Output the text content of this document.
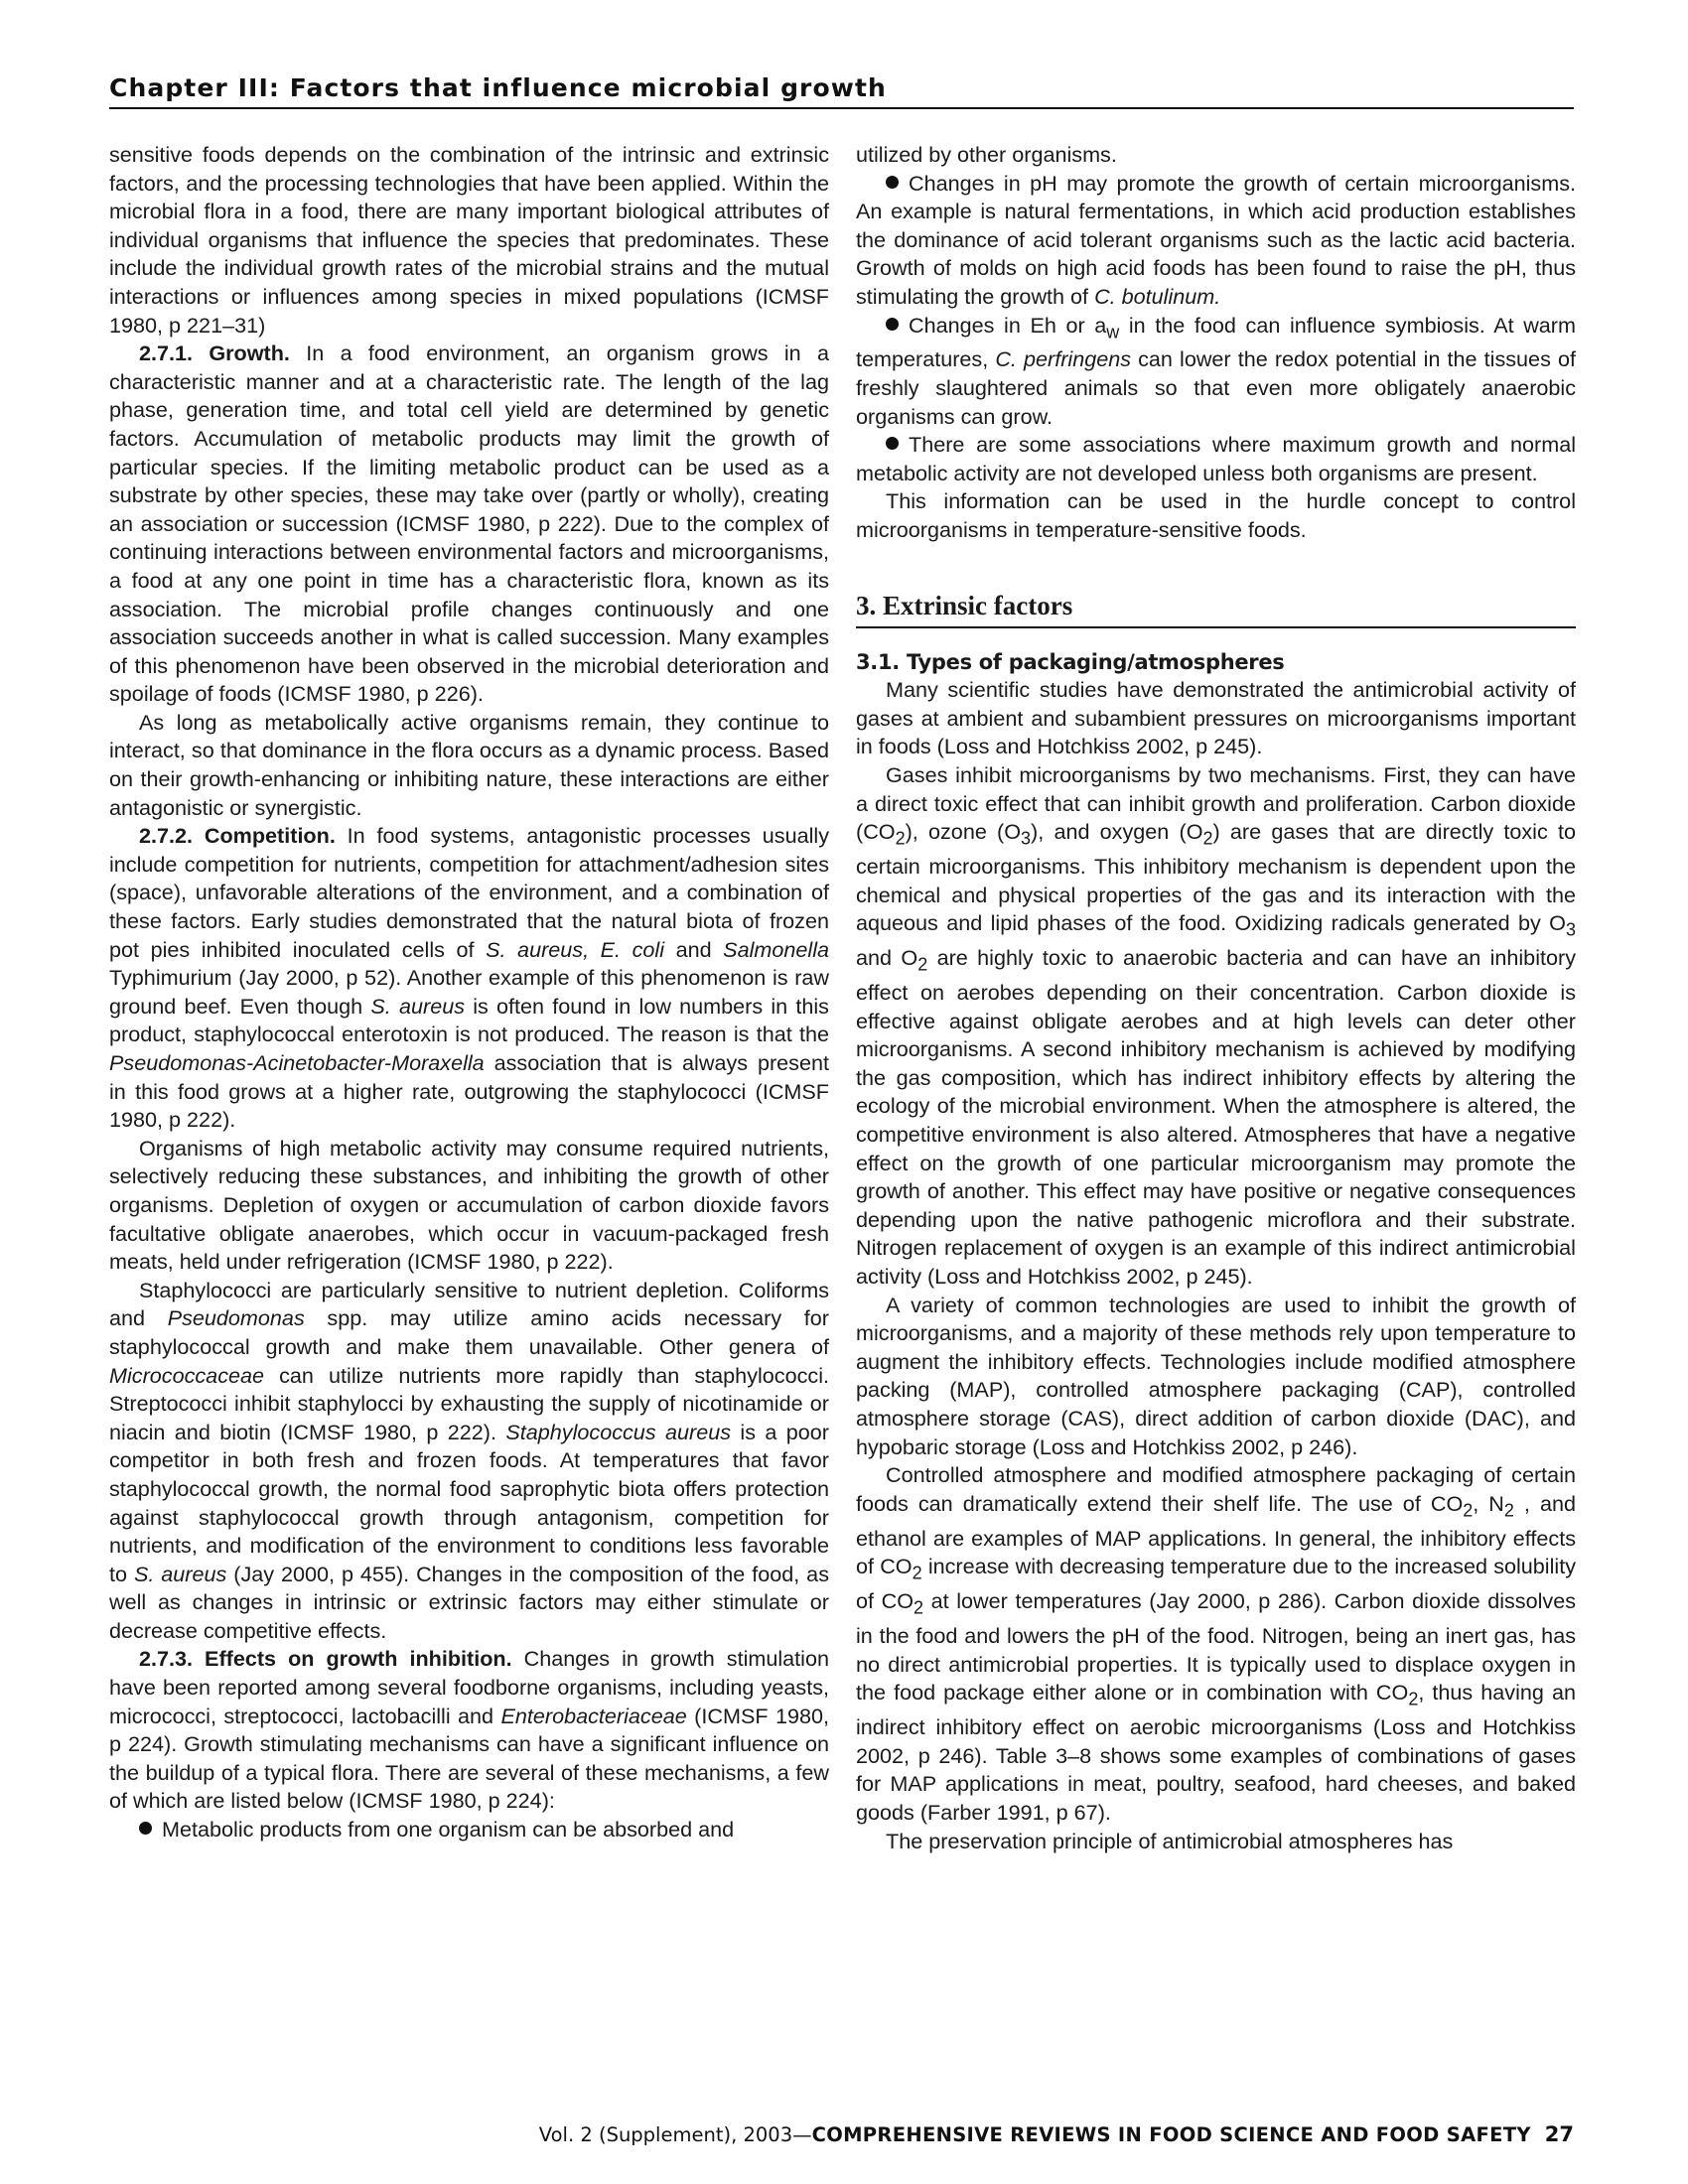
Chapter III: Factors that influence microbial growth

sensitive foods depends on the combination of the intrinsic and extrinsic factors, and the processing technologies that have been applied. Within the microbial flora in a food, there are many important biological attributes of individual organisms that influence the species that predominates. These include the individual growth rates of the microbial strains and the mutual interactions or influences among species in mixed populations (ICMSF 1980, p 221–31)

2.7.1. Growth. In a food environment, an organism grows in a characteristic manner and at a characteristic rate. The length of the lag phase, generation time, and total cell yield are determined by genetic factors. Accumulation of metabolic products may limit the growth of particular species. If the limiting metabolic product can be used as a substrate by other species, these may take over (partly or wholly), creating an association or succession (ICMSF 1980, p 222). Due to the complex of continuing interactions between environmental factors and microorganisms, a food at any one point in time has a characteristic flora, known as its association. The microbial profile changes continuously and one association succeeds another in what is called succession. Many examples of this phenomenon have been observed in the microbial deterioration and spoilage of foods (ICMSF 1980, p 226).

As long as metabolically active organisms remain, they continue to interact, so that dominance in the flora occurs as a dynamic process. Based on their growth-enhancing or inhibiting nature, these interactions are either antagonistic or synergistic.

2.7.2. Competition. In food systems, antagonistic processes usually include competition for nutrients, competition for attachment/adhesion sites (space), unfavorable alterations of the environment, and a combination of these factors. Early studies demonstrated that the natural biota of frozen pot pies inhibited inoculated cells of S. aureus, E. coli and Salmonella Typhimurium (Jay 2000, p 52). Another example of this phenomenon is raw ground beef. Even though S. aureus is often found in low numbers in this product, staphylococcal enterotoxin is not produced. The reason is that the Pseudomonas-Acinetobacter-Moraxella association that is always present in this food grows at a higher rate, outgrowing the staphylococci (ICMSF 1980, p 222).

Organisms of high metabolic activity may consume required nutrients, selectively reducing these substances, and inhibiting the growth of other organisms. Depletion of oxygen or accumulation of carbon dioxide favors facultative obligate anaerobes, which occur in vacuum-packaged fresh meats, held under refrigeration (ICMSF 1980, p 222).

Staphylococci are particularly sensitive to nutrient depletion. Coliforms and Pseudomonas spp. may utilize amino acids necessary for staphylococcal growth and make them unavailable. Other genera of Micrococcaceae can utilize nutrients more rapidly than staphylococci. Streptococci inhibit staphylocci by exhausting the supply of nicotinamide or niacin and biotin (ICMSF 1980, p 222). Staphylococcus aureus is a poor competitor in both fresh and frozen foods. At temperatures that favor staphylococcal growth, the normal food saprophytic biota offers protection against staphylococcal growth through antagonism, competition for nutrients, and modification of the environment to conditions less favorable to S. aureus (Jay 2000, p 455). Changes in the composition of the food, as well as changes in intrinsic or extrinsic factors may either stimulate or decrease competitive effects.

2.7.3. Effects on growth inhibition. Changes in growth stimulation have been reported among several foodborne organisms, including yeasts, micrococci, streptococci, lactobacilli and Enterobacteriaceae (ICMSF 1980, p 224). Growth stimulating mechanisms can have a significant influence on the buildup of a typical flora. There are several of these mechanisms, a few of which are listed below (ICMSF 1980, p 224):

Metabolic products from one organism can be absorbed and

utilized by other organisms.

Changes in pH may promote the growth of certain microorganisms. An example is natural fermentations, in which acid production establishes the dominance of acid tolerant organisms such as the lactic acid bacteria. Growth of molds on high acid foods has been found to raise the pH, thus stimulating the growth of C. botulinum.

Changes in Eh or $a_w$ in the food can influence symbiosis. At warm temperatures, C. perfringens can lower the redox potential in the tissues of freshly slaughtered animals so that even more obligately anaerobic organisms can grow.

There are some associations where maximum growth and normal metabolic activity are not developed unless both organisms are present.

This information can be used in the hurdle concept to control microorganisms in temperature-sensitive foods.

3. Extrinsic factors
3.1. Types of packaging/atmospheres

Many scientific studies have demonstrated the antimicrobial activity of gases at ambient and subambient pressures on microorganisms important in foods (Loss and Hotchkiss 2002, p 245).

Gases inhibit microorganisms by two mechanisms. First, they can have a direct toxic effect that can inhibit growth and proliferation. Carbon dioxide $(CO_2)$, ozone $(O_3)$, and oxygen $(O_2)$ are gases that are directly toxic to certain microorganisms. This inhibitory mechanism is dependent upon the chemical and physical properties of the gas and its interaction with the aqueous and lipid phases of the food. Oxidizing radicals generated by $O_3$ and $O_2$ are highly toxic to anaerobic bacteria and can have an inhibitory effect on aerobes depending on their concentration. Carbon dioxide is effective against obligate aerobes and at high levels can deter other microorganisms. A second inhibitory mechanism is achieved by modifying the gas composition, which has indirect inhibitory effects by altering the ecology of the microbial environment. When the atmosphere is altered, the competitive environment is also altered. Atmospheres that have a negative effect on the growth of one particular microorganism may promote the growth of another. This effect may have positive or negative consequences depending upon the native pathogenic microflora and their substrate. Nitrogen replacement of oxygen is an example of this indirect antimicrobial activity (Loss and Hotchkiss 2002, p 245).

A variety of common technologies are used to inhibit the growth of microorganisms, and a majority of these methods rely upon temperature to augment the inhibitory effects. Technologies include modified atmosphere packing (MAP), controlled atmosphere packaging (CAP), controlled atmosphere storage (CAS), direct addition of carbon dioxide (DAC), and hypobaric storage (Loss and Hotchkiss 2002, p 246).

Controlled atmosphere and modified atmosphere packaging of certain foods can dramatically extend their shelf life. The use of $CO_2$, $N_2$ , and ethanol are examples of MAP applications. In general, the inhibitory effects of $CO_2$ increase with decreasing temperature due to the increased solubility of $CO_2$ at lower temperatures (Jay 2000, p 286). Carbon dioxide dissolves in the food and lowers the pH of the food. Nitrogen, being an inert gas, has no direct antimicrobial properties. It is typically used to displace oxygen in the food package either alone or in combination with $CO_2$, thus having an indirect inhibitory effect on aerobic microorganisms (Loss and Hotchkiss 2002, p 246). Table 3–8 shows some examples of combinations of gases for MAP applications in meat, poultry, seafood, hard cheeses, and baked goods (Farber 1991, p 67).

The preservation principle of antimicrobial atmospheres has

Vol. 2 (Supplement), 2003—COMPREHENSIVE REVIEWS IN FOOD SCIENCE AND FOOD SAFETY 27
